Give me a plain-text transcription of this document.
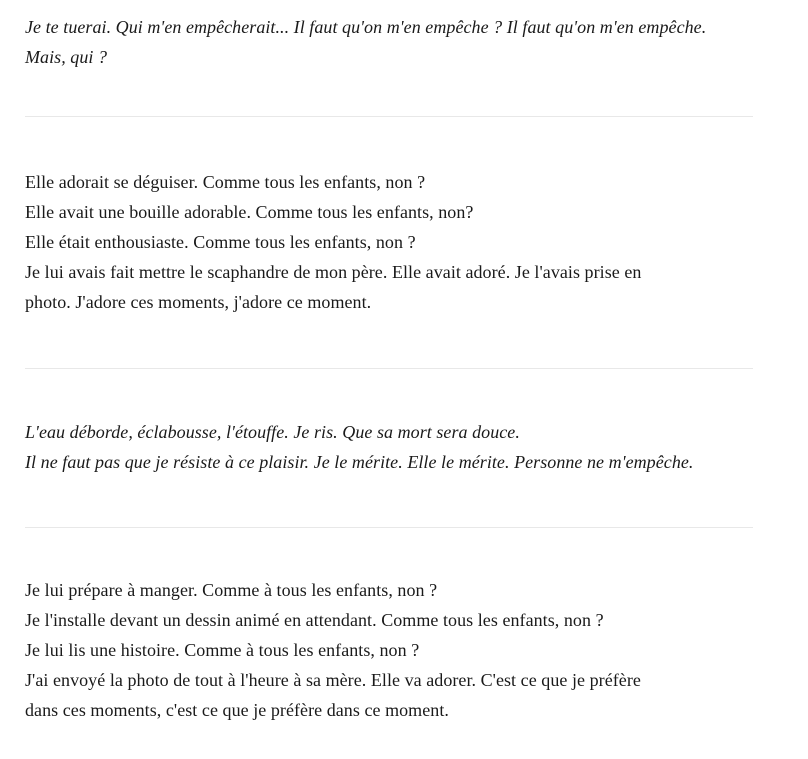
Je te tuerai. Qui m'en empêcherait... Il faut qu'on m'en empêche ? Il faut qu'on m'en empêche.

Mais, qui ?

Elle adorait se déguiser. Comme tous les enfants, non ?

Elle avait une bouille adorable. Comme tous les enfants, non?

Elle était enthousiaste. Comme tous les enfants, non ?

Je lui avais fait mettre le scaphandre de mon père. Elle avait adoré. Je l'avais prise en

photo. J'adore ces moments, j'adore ce moment.

L'eau déborde, éclabousse, l'étouffe. Je ris. Que sa mort sera douce.

Il ne faut pas que je résiste à ce plaisir. Je le mérite. Elle le mérite. Personne ne m'empêche.

Je lui prépare à manger. Comme à tous les enfants, non ?

Je l'installe devant un dessin animé en attendant. Comme tous les enfants, non ?

Je lui lis une histoire. Comme à tous les enfants, non ?

J'ai envoyé la photo de tout à l'heure à sa mère. Elle va adorer. C'est ce que je préfère

dans ces moments, c'est ce que je préfère dans ce moment.
